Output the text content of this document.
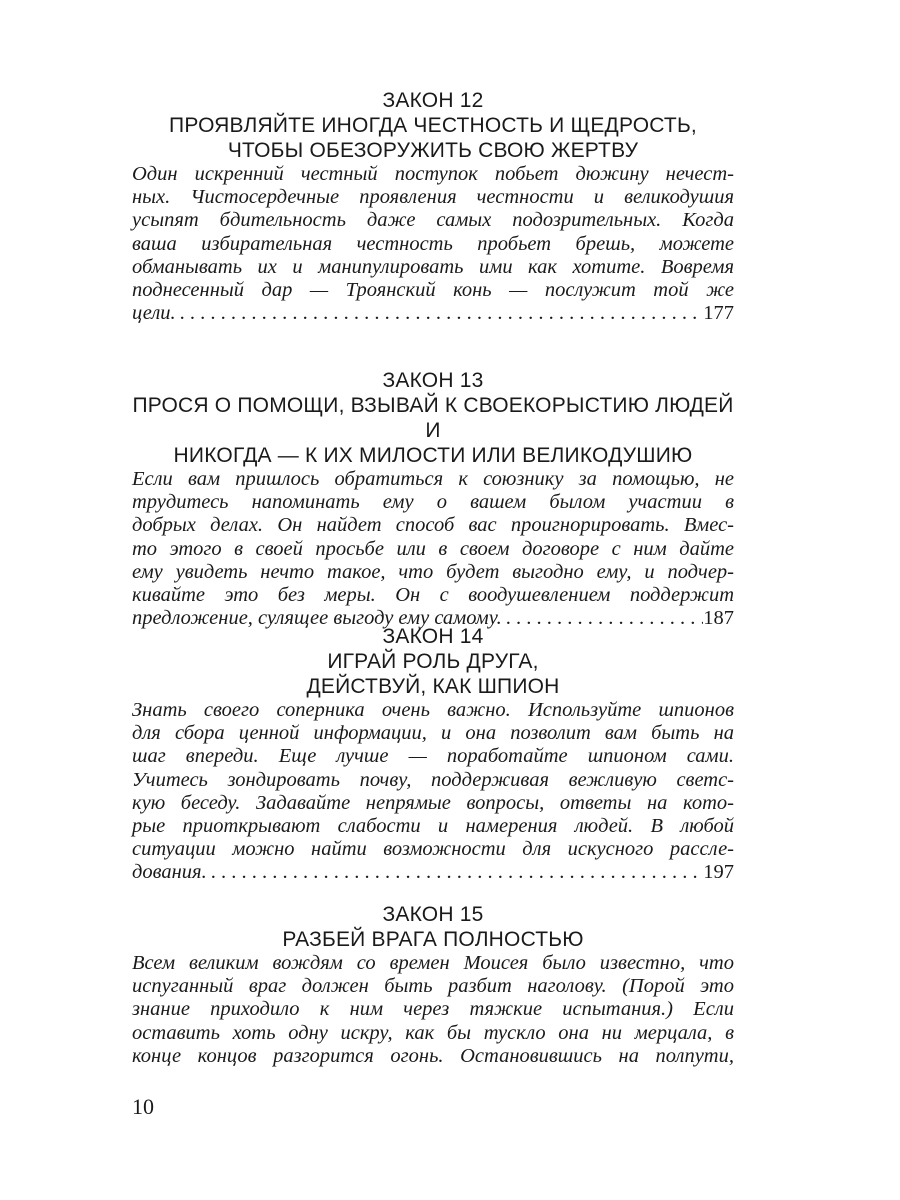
ЗАКОН 12
ПРОЯВЛЯЙТЕ ИНОГДА ЧЕСТНОСТЬ И ЩЕДРОСТЬ,
ЧТОБЫ ОБЕЗОРУЖИТЬ СВОЮ ЖЕРТВУ
Один искренний честный поступок побьет дюжину нечест-
ных. Чистосердечные проявления честности и великодушия
усыпят бдительность даже самых подозрительных. Когда
ваша избирательная честность пробьет брешь, можете
обманывать их и манипулировать ими как хотите. Вовремя
поднесенный дар — Троянский конь — послужит той же
цели. . . .	177
ЗАКОН 13
ПРОСЯ О ПОМОЩИ, ВЗЫВАЙ К СВОЕКОРЫСТИЮ ЛЮДЕЙ И
НИКОГДА — К ИХ МИЛОСТИ ИЛИ ВЕЛИКОДУШИЮ
Если вам пришлось обратиться к союзнику за помощью, не
трудитесь напоминать ему о вашем былом участии в
добрых делах. Он найдет способ вас проигнорировать. Вмес-
то этого в своей просьбе или в своем договоре с ним дайте
ему увидеть нечто такое, что будет выгодно ему, и подчер-
кивайте это без меры. Он с воодушевлением поддержит
предложение, сулящее выгоду ему самому. . . .	187
ЗАКОН 14
ИГРАЙ РОЛЬ ДРУГА,
ДЕЙСТВУЙ, КАК ШПИОН
Знать своего соперника очень важно. Используйте шпионов
для сбора ценной информации, и она позволит вам быть на
шаг впереди. Еще лучше — поработайте шпионом сами.
Учитесь зондировать почву, поддерживая вежливую светс-
кую беседу. Задавайте непрямые вопросы, ответы на кото-
рые приоткрывают слабости и намерения людей. В любой
ситуации можно найти возможности для искусного рассле-
дования. . . .	197
ЗАКОН 15
РАЗБЕЙ ВРАГА ПОЛНОСТЬЮ
Всем великим вождям со времен Моисея было известно, что
испуганный враг должен быть разбит наголову. (Порой это
знание приходило к ним через тяжкие испытания.) Если
оставить хоть одну искру, как бы тускло она ни мерцала, в
конце концов разгорится огонь. Остановившись на полпути,
10
